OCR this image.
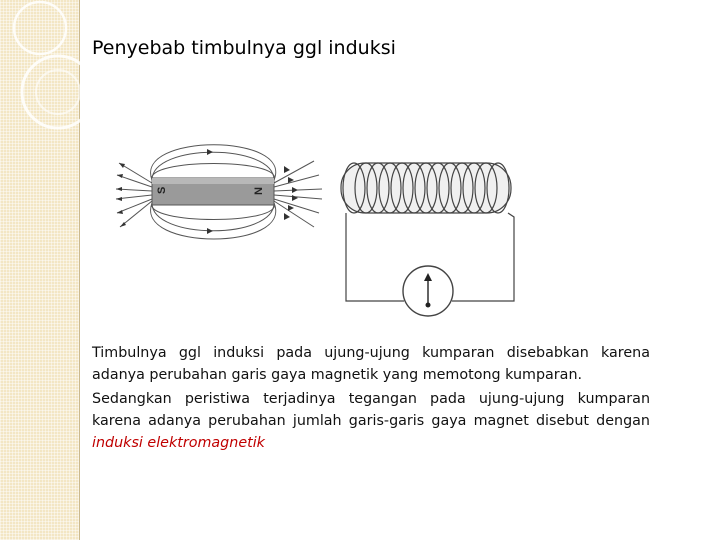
Penyebab timbulnya ggl induksi
S	N

Timbulnya ggl induksi pada ujung-ujung kumparan disebabkan karena adanya perubahan garis gaya magnetik yang memotong kumparan.

Sedangkan peristiwa terjadinya tegangan pada ujung-ujung kumparan karena adanya perubahan jumlah garis-garis gaya magnet disebut dengan induksi elektromagnetik
